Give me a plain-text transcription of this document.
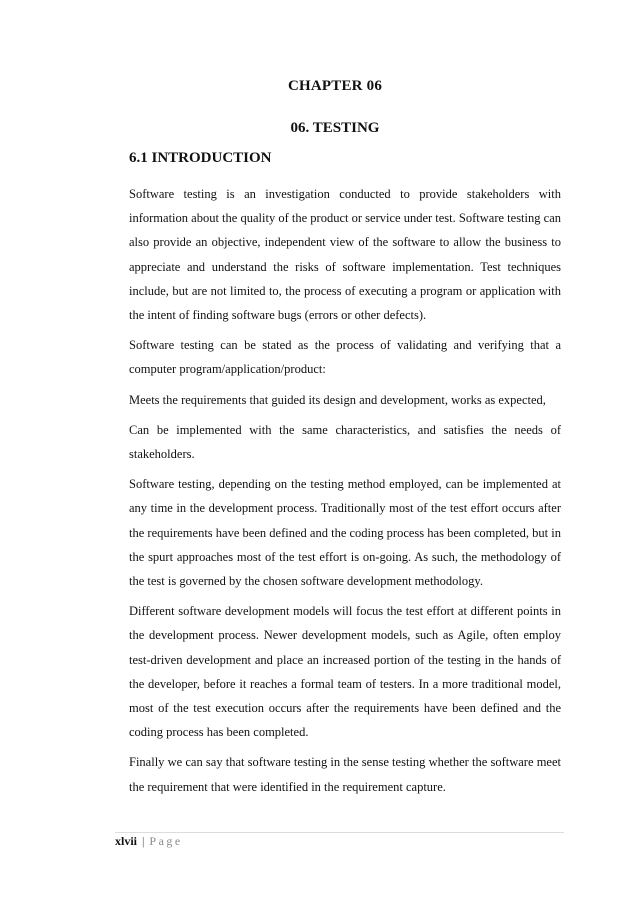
CHAPTER 06
06. TESTING
6.1 INTRODUCTION

Software testing is an investigation conducted to provide stakeholders with information about the quality of the product or service under test. Software testing can also provide an objective, independent view of the software to allow the business to appreciate and understand the risks of software implementation. Test techniques include, but are not limited to, the process of executing a program or application with the intent of finding software bugs (errors or other defects).

Software testing can be stated as the process of validating and verifying that a computer program/application/product:

Meets the requirements that guided its design and development, works as expected,

Can be implemented with the same characteristics, and satisfies the needs of stakeholders.

Software testing, depending on the testing method employed, can be implemented at any time in the development process. Traditionally most of the test effort occurs after the requirements have been defined and the coding process has been completed, but in the spurt approaches most of the test effort is on-going. As such, the methodology of the test is governed by the chosen software development methodology.

Different software development models will focus the test effort at different points in the development process. Newer development models, such as Agile, often employ test-driven development and place an increased portion of the testing in the hands of the developer, before it reaches a formal team of testers. In a more traditional model, most of the test execution occurs after the requirements have been defined and the coding process has been completed.

Finally we can say that software testing in the sense testing whether the software meet the requirement that were identified in the requirement capture.

xlvii | Page
